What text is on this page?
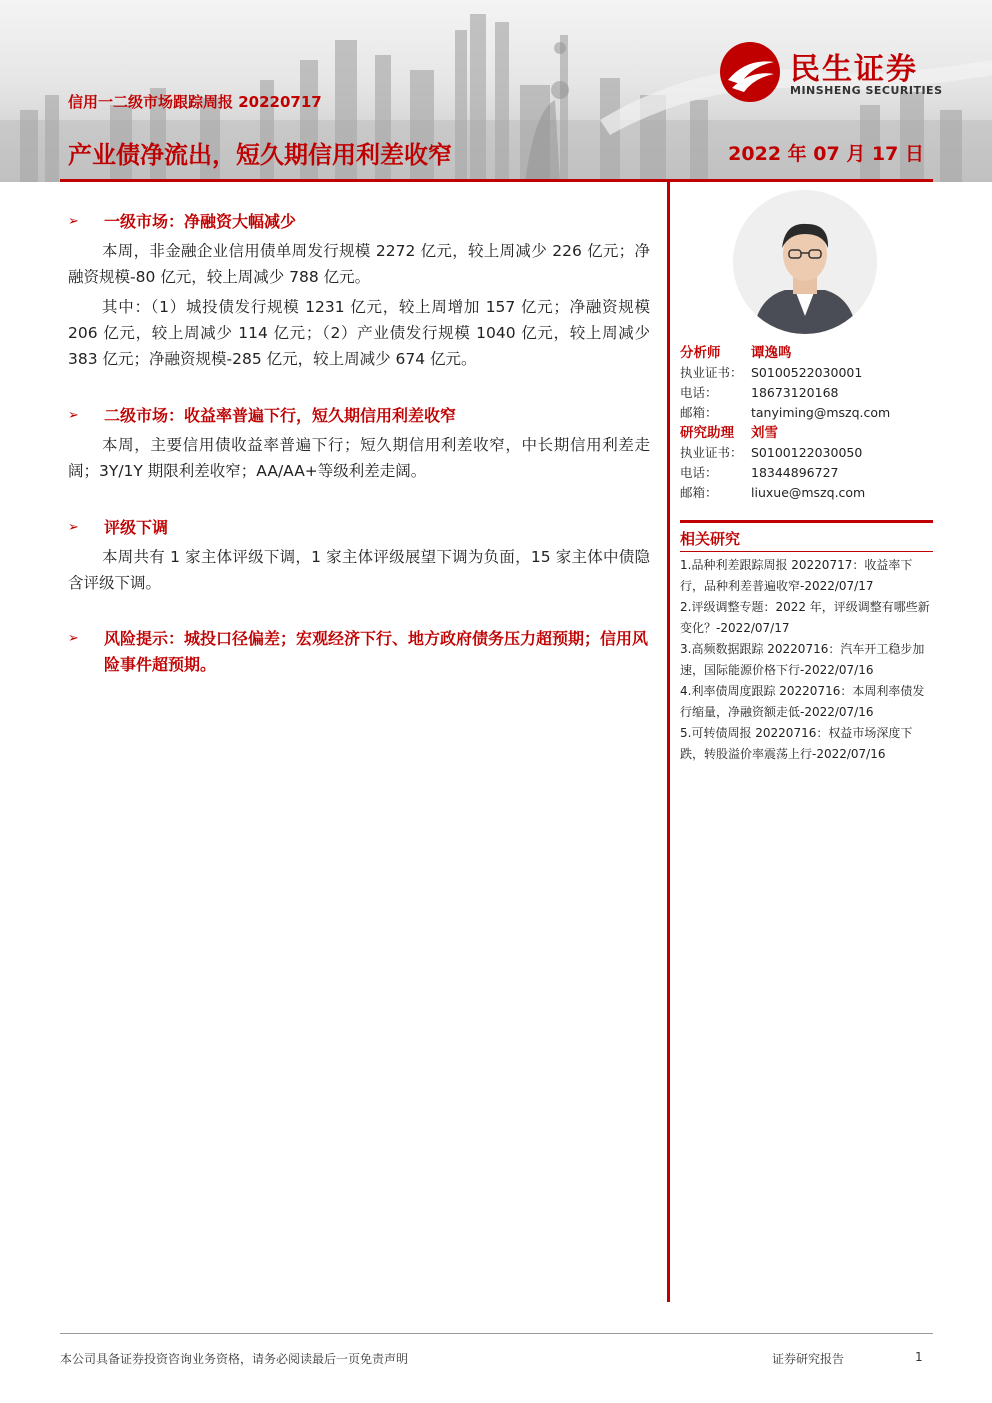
信用一二级市场跟踪周报 20220717
产业债净流出，短久期信用利差收窄	2022 年 07 月 17 日
民生证券
MINSHENG SECURITIES
➢ 一级市场：净融资大幅减少

本周，非金融企业信用债单周发行规模 2272 亿元，较上周减少 226 亿元；净融资规模-80 亿元，较上周减少 788 亿元。

其中：（1）城投债发行规模 1231 亿元，较上周增加 157 亿元；净融资规模 206 亿元，较上周减少 114 亿元；（2）产业债发行规模 1040 亿元，较上周减少 383 亿元；净融资规模-285 亿元，较上周减少 674 亿元。

➢ 二级市场：收益率普遍下行，短久期信用利差收窄

本周，主要信用债收益率普遍下行；短久期信用利差收窄，中长期信用利差走阔；3Y/1Y 期限利差收窄；AA/AA+等级利差走阔。

➢ 评级下调

本周共有 1 家主体评级下调，1 家主体评级展望下调为负面，15 家主体中债隐含评级下调。

➢ 风险提示：城投口径偏差；宏观经济下行、地方政府债务压力超预期；信用风险事件超预期。
分析师 谭逸鸣
执业证书： S0100522030001
电话：	18673120168
邮箱：	tanyiming@mszq.com
研究助理 刘雪
执业证书： S0100122030050
电话：	18344896727
邮箱：	liuxue@mszq.com
相关研究

1.品种利差跟踪周报 20220717：收益率下行，品种利差普遍收窄-2022/07/17

2.评级调整专题：2022 年，评级调整有哪些新变化？-2022/07/17

3.高频数据跟踪 20220716：汽车开工稳步加速，国际能源价格下行-2022/07/16

4.利率债周度跟踪 20220716：本周利率债发行缩量，净融资额走低-2022/07/16

5.可转债周报 20220716：权益市场深度下跌，转股溢价率震荡上行-2022/07/16

本公司具备证券投资咨询业务资格，请务必阅读最后一页免责声明	证券研究报告	1
